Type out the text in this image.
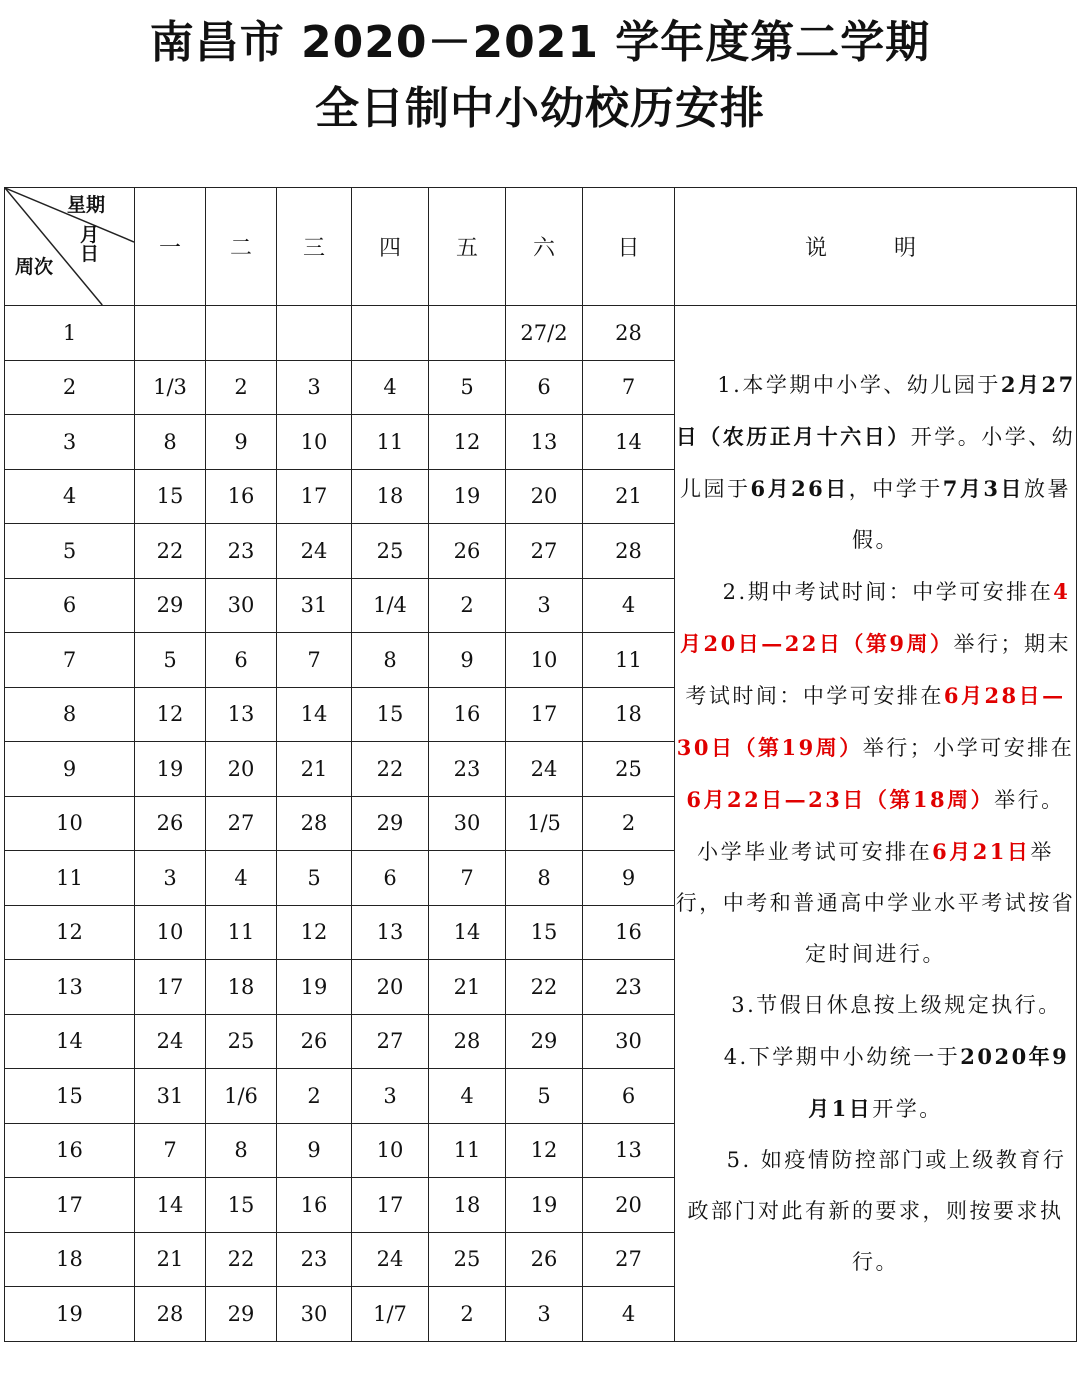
南昌市 2020－2021 学年度第二学期
全日制中小幼校历安排
星期
月 日
周次	一	二	三	四	五	六	日	说 明
1						27/2	28	1.本学期中小学、幼儿园于2月27日（农历正月十六日）开学。小学、幼儿园于6月26日，中学于7月3日放暑假。

2.期中考试时间：中学可安排在4月20日—22日（第9周）举行；期末考试时间：中学可安排在6月28日—30日（第19周）举行；小学可安排在6月22日—23日（第18周）举行。小学毕业考试可安排在6月21日举行，中考和普通高中学业水平考试按省定时间进行。

3.节假日休息按上级规定执行。

4.下学期中小幼统一于2020年9月1日开学。

5. 如疫情防控部门或上级教育行政部门对此有新的要求，则按要求执行。

2	1/3	2	3	4	5	6	7	
3	8	9	10	11	12	13	14	
4	15	16	17	18	19	20	21	
5	22	23	24	25	26	27	28	
6	29	30	31	1/4	2	3	4	
7	5	6	7	8	9	10	11	
8	12	13	14	15	16	17	18	
9	19	20	21	22	23	24	25	
10	26	27	28	29	30	1/5	2	
11	3	4	5	6	7	8	9	
12	10	11	12	13	14	15	16	
13	17	18	19	20	21	22	23	
14	24	25	26	27	28	29	30	
15	31	1/6	2	3	4	5	6	
16	7	8	9	10	11	12	13	
17	14	15	16	17	18	19	20	
18	21	22	23	24	25	26	27	
19	28	29	30	1/7	2	3	4	
